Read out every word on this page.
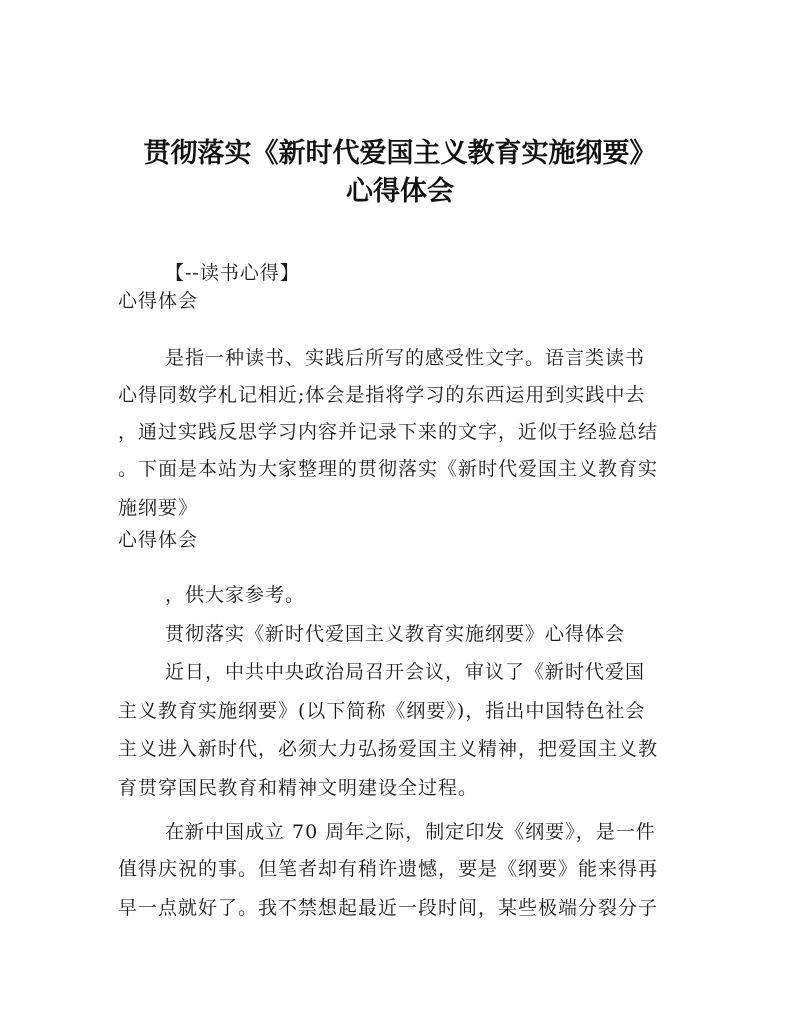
贯彻落实《新时代爱国主义教育实施纲要》
心得体会
【--读书心得】
心得体会
是指一种读书、实践后所写的感受性文字。语言类读书
心得同数学札记相近;体会是指将学习的东西运用到实践中去
，通过实践反思学习内容并记录下来的文字，近似于经验总结
。下面是本站为大家整理的贯彻落实《新时代爱国主义教育实
施纲要》
心得体会
，供大家参考。
贯彻落实《新时代爱国主义教育实施纲要》心得体会
近日，中共中央政治局召开会议，审议了《新时代爱国
主义教育实施纲要》(以下简称《纲要》)，指出中国特色社会
主义进入新时代，必须大力弘扬爱国主义精神，把爱国主义教
育贯穿国民教育和精神文明建设全过程。
在新中国成立 70 周年之际，制定印发《纲要》，是一件
值得庆祝的事。但笔者却有稍许遗憾，要是《纲要》能来得再
早一点就好了。我不禁想起最近一段时间，某些极端分裂分子
